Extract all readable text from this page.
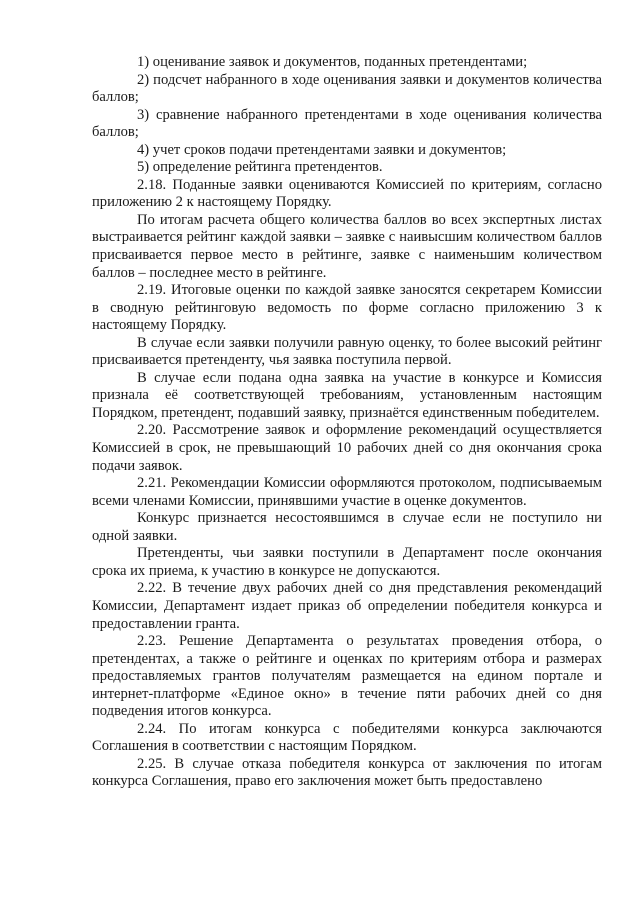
1) оценивание заявок и документов, поданных претендентами;

2) подсчет набранного в ходе оценивания заявки и документов количества баллов;

3) сравнение набранного претендентами в ходе оценивания количества баллов;

4) учет сроков подачи претендентами заявки и документов;

5) определение рейтинга претендентов.

2.18. Поданные заявки оцениваются Комиссией по критериям, согласно приложению 2 к настоящему Порядку.

По итогам расчета общего количества баллов во всех экспертных листах выстраивается рейтинг каждой заявки – заявке с наивысшим количеством баллов присваивается первое место в рейтинге, заявке с наименьшим количеством баллов – последнее место в рейтинге.

2.19. Итоговые оценки по каждой заявке заносятся секретарем Комиссии в сводную рейтинговую ведомость по форме согласно приложению 3 к настоящему Порядку.

В случае если заявки получили равную оценку, то более высокий рейтинг присваивается претенденту, чья заявка поступила первой.

В случае если подана одна заявка на участие в конкурсе и Комиссия признала её соответствующей требованиям, установленным настоящим Порядком, претендент, подавший заявку, признаётся единственным победителем.

2.20. Рассмотрение заявок и оформление рекомендаций осуществляется Комиссией в срок, не превышающий 10 рабочих дней со дня окончания срока подачи заявок.

2.21. Рекомендации Комиссии оформляются протоколом, подписываемым всеми членами Комиссии, принявшими участие в оценке документов.

Конкурс признается несостоявшимся в случае если не поступило ни одной заявки.

Претенденты, чьи заявки поступили в Департамент после окончания срока их приема, к участию в конкурсе не допускаются.

2.22. В течение двух рабочих дней со дня представления рекомендаций Комиссии, Департамент издает приказ об определении победителя конкурса и предоставлении гранта.

2.23. Решение Департамента о результатах проведения отбора, о претендентах, а также о рейтинге и оценках по критериям отбора и размерах предоставляемых грантов получателям размещается на едином портале и интернет-платформе «Единое окно» в течение пяти рабочих дней со дня подведения итогов конкурса.

2.24. По итогам конкурса с победителями конкурса заключаются Соглашения в соответствии с настоящим Порядком.

2.25. В случае отказа победителя конкурса от заключения по итогам конкурса Соглашения, право его заключения может быть предоставлено
